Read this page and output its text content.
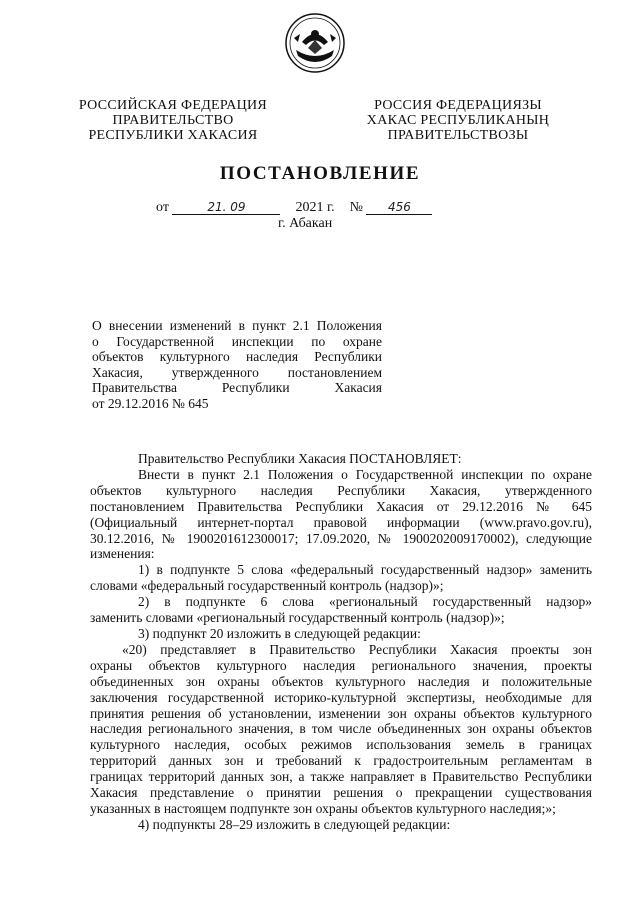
РОССИЙСКАЯ ФЕДЕРАЦИЯ
ПРАВИТЕЛЬСТВО
РЕСПУБЛИКИ ХАКАСИЯ
РОССИЯ ФЕДЕРАЦИЯЗЫ
ХАКАС РЕСПУБЛИКАНЫҢ
ПРАВИТЕЛЬСТВОЗЫ
ПОСТАНОВЛЕНИЕ
от	21. 09	2021 г. № 456
г. Абакан
О внесении изменений в пункт 2.1 Положения
о Государственной инспекции по охране
объектов культурного наследия Республики
Хакасия, утвержденного постановлением
Правительства Республики Хакасия
от 29.12.2016 № 645

Правительство Республики Хакасия ПОСТАНОВЛЯЕТ:

Внести в пункт 2.1 Положения о Государственной инспекции по охране

объектов культурного наследия Республики Хакасия, утвержденного

постановлением Правительства Республики Хакасия от 29.12.2016 № 645

(Официальный интернет-портал правовой информации (www.pravo.gov.ru),

30.12.2016, № 1900201612300017; 17.09.2020, № 1900202009170002), следующие

изменения:

1) в подпункте 5 слова «федеральный государственный надзор» заменить

словами «федеральный государственный контроль (надзор)»;

2) в подпункте 6 слова «региональный государственный надзор»

заменить словами «региональный государственный контроль (надзор)»;

3) подпункт 20 изложить в следующей редакции:

«20) представляет в Правительство Республики Хакасия проекты зон

охраны объектов культурного наследия регионального значения, проекты

объединенных зон охраны объектов культурного наследия и положительные

заключения государственной историко-культурной экспертизы, необходимые для

принятия решения об установлении, изменении зон охраны объектов культурного

наследия регионального значения, в том числе объединенных зон охраны объектов

культурного наследия, особых режимов использования земель в границах

территорий данных зон и требований к градостроительным регламентам в

границах территорий данных зон, а также направляет в Правительство Республики

Хакасия представление о принятии решения о прекращении существования

указанных в настоящем подпункте зон охраны объектов культурного наследия;»;

4) подпункты 28–29 изложить в следующей редакции:
